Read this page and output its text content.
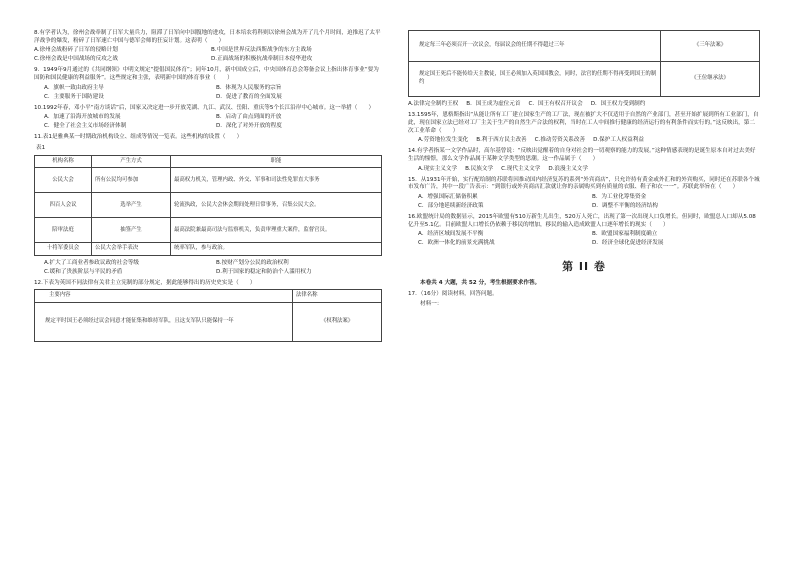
8.有学者认为，徐州会战牵制了日军大量兵力，阻滞了日军向中国腹地的进攻，日本培农将科则以徐州会战为开了几个月时间，迫推迟了太平洋战争的爆发，粉碎了日军速亡中国与德军会师的狂妄计划。这表明（　　）

A.徐州会战粉碎了日军的侵略计划	B.中国是世界反法西斯战争的东方主战场

C.徐州会战是中国战场的反攻之战	D.正面战场的积极抗战牵制日本侵华进攻

9．1949年9月通过的《共同纲领》中明文规定“提倡国民体育”；同年10月，新中国成立后，中央国体育总会筹备会议上指出体育事业“要为国防和国民健康的利益服务”。这些规定和主张，表明新中国的体育事业（　　）

A．旗帜一致由政府主导	B．体现为人民服务的宗旨

C．主要服务于国防建设	D．促进了教育的全面发展

10.1992年春，邓小平“南方谈话”后，国家又决定进一步开放芜湖、九江、武汉、岳阳、重庆等5个长江沿岸中心城市。这一举措（　　）

A．加速了沿海开放城市的发展	B．启动了由点到面的开放

C．健全了社会主义市场经济体制	D．深化了对外开放的程度

11.表1是雅典某一时期政治机构设立、组成等情况一览表。这些机构的设置（　　）

表1

机构名称	产生方式	职能
公民大会	所有公民均可参加	最高权力机关，管理内政、外交、军事和司法性免罪直大事务
四百人会议	选举产生	轮流执政，公民大会休会期间处理日常事务，召集公民大会。
陪审法庭	抽签产生	最高法院兼最高司法与监察机关，负责审理重大案件，监督官员。
十将军委员会	公民大会举手表决	统率军队，参与政治。

A.扩大了工商业者参政议政的社会等级	B.按财产划分公民的政治权利

C.缓和了贵族阶层与平民的矛盾	D.利于国家的稳定和防治个人滥用权力

12.下表为英国不同法律有关君主立宪制的部分规定，据此能够得出的历史史实是（　　）

主要内容	法律名称
规定平时国王必须经过议会同意才能征集和维持军队，且这支军队只能保持一年	《权利法案》
规定每三年必须召开一次议会，每届议会的任期不得超过三年	《三年法案》
规定国王死后不能传给天主教徒，国王必须加入英国国教会，同时，法官的任期不得再受到国王的制约	《王位继承法》

A.法律完全制约王权 B．国王成为虚位元首 C．国王有权召开议会 D．国王权力受到制约

13.1595年，恩格斯指出“从能让所有工厂建立国家生产的工厂法，现在被扩大不仅适用于自然的产业部门，甚至开始扩展到所有工业部门，自此，现在国家立法已经对工厂主关于生产的自然生产合法的权利，当时在工人中间推行健康的经济运行的有利条件而实行的。”这反映出，第二次工业革命（　　）

A.劳资地位发生变化 B.利于西方民主改善 C.推动劳资关系改善 D.保护工人权益利益

14.有学者指某一文学作品时，高尔基曾说：“反映出觉醒着的自身对社会的一切观察的能力的发展。”这种情感表现的是诞生原本自对过去美好生活的憧憬，那么文学作品属于某种文学类型的思潮。这一作品属于（　　）

A.现实主义文学 B.民族文学 C.现代主义文学 D.浪漫主义文学

15．从1931年开始，实行配给制的苏联将因推动国内经济复苏的系列“外宾商店”，只允许持有黄金或外汇和的外宾购买，同时还在苏联各个城市发布广告，其中一段广告表示：“到银行或外宾商店汇款就让你的亲属购买到有质量的衣服、鞋子和衣一一”。苏联此举旨在（　　）

A．增强国际汇储备积累	B．为工业化筹集资金

C．部分地延续新经济政策	D．调整不平衡的经济结构

16.欧盟统计局的数据显示，2015年欧盟有510万新生儿出生，520万人死亡，出现了第一次出现人口负增长。但同时，欧盟总人口却从5.08亿升至5.1亿。目前欧盟人口增长仍依赖于移民的增加，移民的输入造成欧盟人口逐年增长的现实（　　）

A．经济区域间发展不平衡	B．欧盟国家福利制度确立

C．欧洲一体化的前景充满挑战	D．经济全球化促进经济发展

第 II 卷

本卷共 4 大题，共 52 分，考生根据要求作答。

17．（16分）阅读材料，回答问题。

材料一：
